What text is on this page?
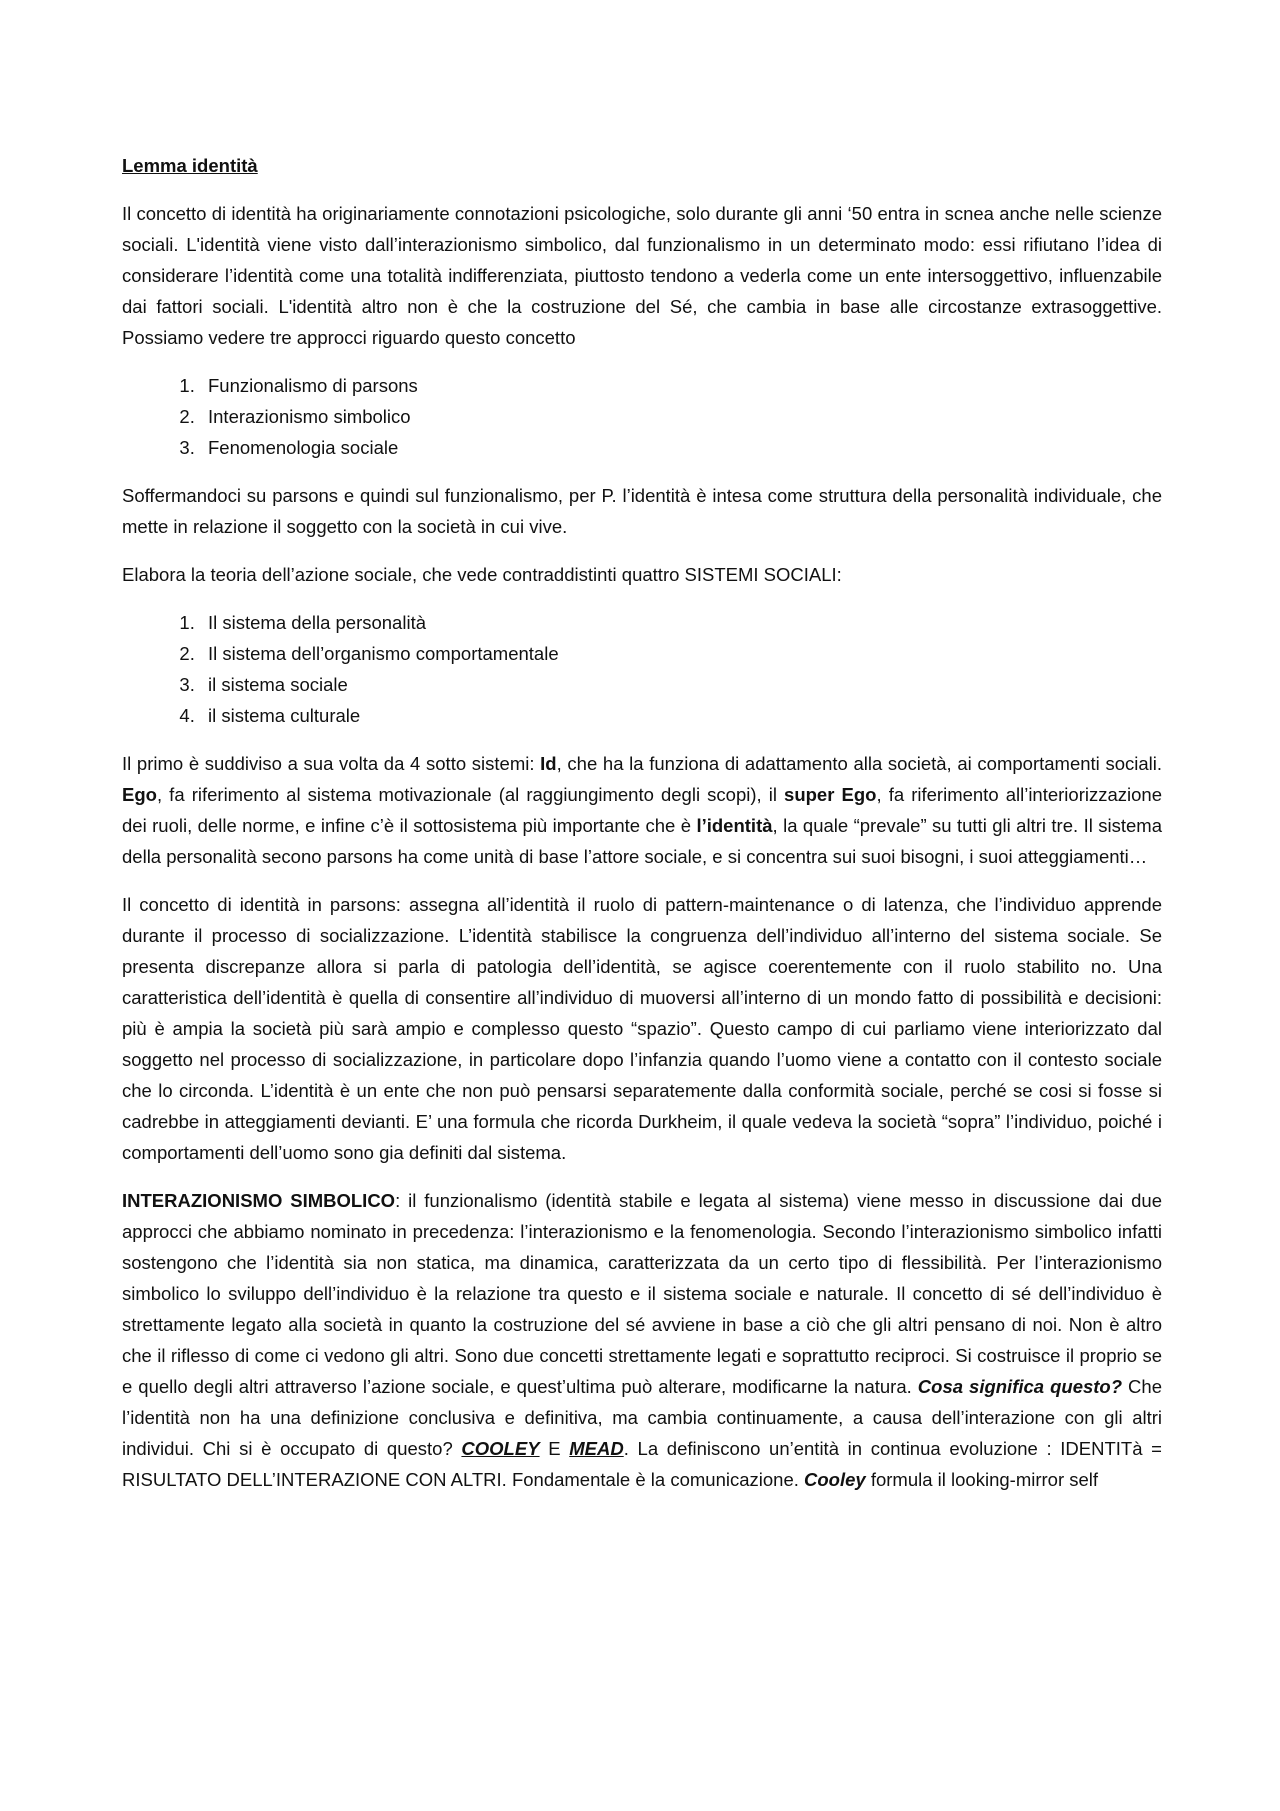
Lemma identità

Il concetto di identità ha originariamente connotazioni psicologiche, solo durante gli anni ‘50 entra in scnea anche nelle scienze sociali. L'identità viene visto dall’interazionismo simbolico, dal funzionalismo in un determinato modo: essi rifiutano l’idea di considerare l’identità come una totalità indifferenziata, piuttosto tendono a vederla come un ente intersoggettivo, influenzabile dai fattori sociali. L'identità altro non è che la costruzione del Sé, che cambia in base alle circostanze extrasoggettive. Possiamo vedere tre approcci riguardo questo concetto

1. Funzionalismo di parsons
2. Interazionismo simbolico
3. Fenomenologia sociale

Soffermandoci su parsons e quindi sul funzionalismo, per P. l’identità è intesa come struttura della personalità individuale, che mette in relazione il soggetto con la società in cui vive.

Elabora la teoria dell’azione sociale, che vede contraddistinti quattro SISTEMI SOCIALI:

1. Il sistema della personalità
2. Il sistema dell’organismo comportamentale
3. il sistema sociale
4. il sistema culturale

Il primo è suddiviso a sua volta da 4 sotto sistemi: Id, che ha la funziona di adattamento alla società, ai comportamenti sociali. Ego, fa riferimento al sistema motivazionale (al raggiungimento degli scopi), il super Ego, fa riferimento all’interiorizzazione dei ruoli, delle norme, e infine c’è il sottosistema più importante che è l’identità, la quale “prevale” su tutti gli altri tre. Il sistema della personalità secono parsons ha come unità di base l’attore sociale, e si concentra sui suoi bisogni, i suoi atteggiamenti…

Il concetto di identità in parsons: assegna all’identità il ruolo di pattern-maintenance o di latenza, che l’individuo apprende durante il processo di socializzazione. L’identità stabilisce la congruenza dell’individuo all’interno del sistema sociale. Se presenta discrepanze allora si parla di patologia dell’identità, se agisce coerentemente con il ruolo stabilito no. Una caratteristica dell’identità è quella di consentire all’individuo di muoversi all’interno di un mondo fatto di possibilità e decisioni: più è ampia la società più sarà ampio e complesso questo “spazio”. Questo campo di cui parliamo viene interiorizzato dal soggetto nel processo di socializzazione, in particolare dopo l’infanzia quando l’uomo viene a contatto con il contesto sociale che lo circonda. L’identità è un ente che non può pensarsi separatemente dalla conformità sociale, perché se cosi si fosse si cadrebbe in atteggiamenti devianti. E’ una formula che ricorda Durkheim, il quale vedeva la società “sopra” l’individuo, poiché i comportamenti dell’uomo sono gia definiti dal sistema.

INTERAZIONISMO SIMBOLICO: il funzionalismo (identità stabile e legata al sistema) viene messo in discussione dai due approcci che abbiamo nominato in precedenza: l’interazionismo e la fenomenologia. Secondo l’interazionismo simbolico infatti sostengono che l’identità sia non statica, ma dinamica, caratterizzata da un certo tipo di flessibilità. Per l’interazionismo simbolico lo sviluppo dell’individuo è la relazione tra questo e il sistema sociale e naturale. Il concetto di sé dell’individuo è strettamente legato alla società in quanto la costruzione del sé avviene in base a ciò che gli altri pensano di noi. Non è altro che il riflesso di come ci vedono gli altri. Sono due concetti strettamente legati e soprattutto reciproci. Si costruisce il proprio se e quello degli altri attraverso l’azione sociale, e quest’ultima può alterare, modificarne la natura. Cosa significa questo? Che l’identità non ha una definizione conclusiva e definitiva, ma cambia continuamente, a causa dell’interazione con gli altri individui. Chi si è occupato di questo? COOLEY E MEAD. La definiscono un’entità in continua evoluzione : IDENTITà = RISULTATO DELL’INTERAZIONE CON ALTRI. Fondamentale è la comunicazione. Cooley formula il looking-mirror self
